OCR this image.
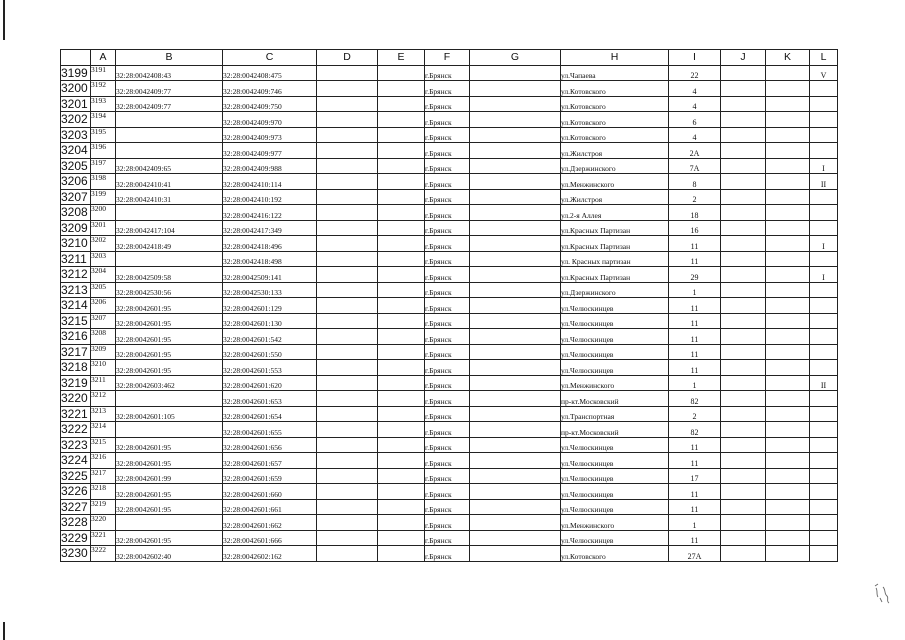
	A	B	C	D	E	F	G	H	I	J	K	L
3199	3191	32:28:0042408:43	32:28:0042408:475			г.Брянск		ул.Чапаева	22			V
3200	3192	32:28:0042409:77	32:28:0042409:746			г.Брянск		ул.Котовского	4			
3201	3193	32:28:0042409:77	32:28:0042409:750			г.Брянск		ул.Котовского	4			
3202	3194		32:28:0042409:970			г.Брянск		ул.Котовского	6			
3203	3195		32:28:0042409:973			г.Брянск		ул.Котовского	4			
3204	3196		32:28:0042409:977			г.Брянск		ул.Жилстроя	2А			
3205	3197	32:28:0042409:65	32:28:0042409:988			г.Брянск		ул.Дзержинского	7А			I
3206	3198	32:28:0042410:41	32:28:0042410:114			г.Брянск		ул.Менжинского	8			II
3207	3199	32:28:0042410:31	32:28:0042410:192			г.Брянск		ул.Жилстроя	2			
3208	3200		32:28:0042416:122			г.Брянск		ул.2-я Аллея	18			
3209	3201	32:28:0042417:104	32:28:0042417:349			г.Брянск		ул.Красных Партизан	16			
3210	3202	32:28:0042418:49	32:28:0042418:496			г.Брянск		ул.Красных Партизан	11			I
3211	3203		32:28:0042418:498			г.Брянск		ул. Красных партизан	11			
3212	3204	32:28:0042509:58	32:28:0042509:141			г.Брянск		ул.Красных Партизан	29			I
3213	3205	32:28:0042530:56	32:28:0042530:133			г.Брянск		ул.Дзержинского	1			
3214	3206	32:28:0042601:95	32:28:0042601:129			г.Брянск		ул.Челюскинцев	11			
3215	3207	32:28:0042601:95	32:28:0042601:130			г.Брянск		ул.Челюскинцев	11			
3216	3208	32:28:0042601:95	32:28:0042601:542			г.Брянск		ул.Челюскинцев	11			
3217	3209	32:28:0042601:95	32:28:0042601:550			г.Брянск		ул.Челюскинцев	11			
3218	3210	32:28:0042601:95	32:28:0042601:553			г.Брянск		ул.Челюскинцев	11			
3219	3211	32:28:0042603:462	32:28:0042601:620			г.Брянск		ул.Менжинского	1			II
3220	3212		32:28:0042601:653			г.Брянск		пр-кт.Московский	82			
3221	3213	32:28:0042601:105	32:28:0042601:654			г.Брянск		ул.Транспортная	2			
3222	3214		32:28:0042601:655			г.Брянск		пр-кт.Московский	82			
3223	3215	32:28:0042601:95	32:28:0042601:656			г.Брянск		ул.Челюскинцев	11			
3224	3216	32:28:0042601:95	32:28:0042601:657			г.Брянск		ул.Челюскинцев	11			
3225	3217	32:28:0042601:99	32:28:0042601:659			г.Брянск		ул.Челюскинцев	17			
3226	3218	32:28:0042601:95	32:28:0042601:660			г.Брянск		ул.Челюскинцев	11			
3227	3219	32:28:0042601:95	32:28:0042601:661			г.Брянск		ул.Челюскинцев	11			
3228	3220		32:28:0042601:662			г.Брянск		ул.Менжинского	1			
3229	3221	32:28:0042601:95	32:28:0042601:666			г.Брянск		ул.Челюскинцев	11			
3230	3222	32:28:0042602:40	32:28:0042602:162			г.Брянск		ул.Котовского	27А			
